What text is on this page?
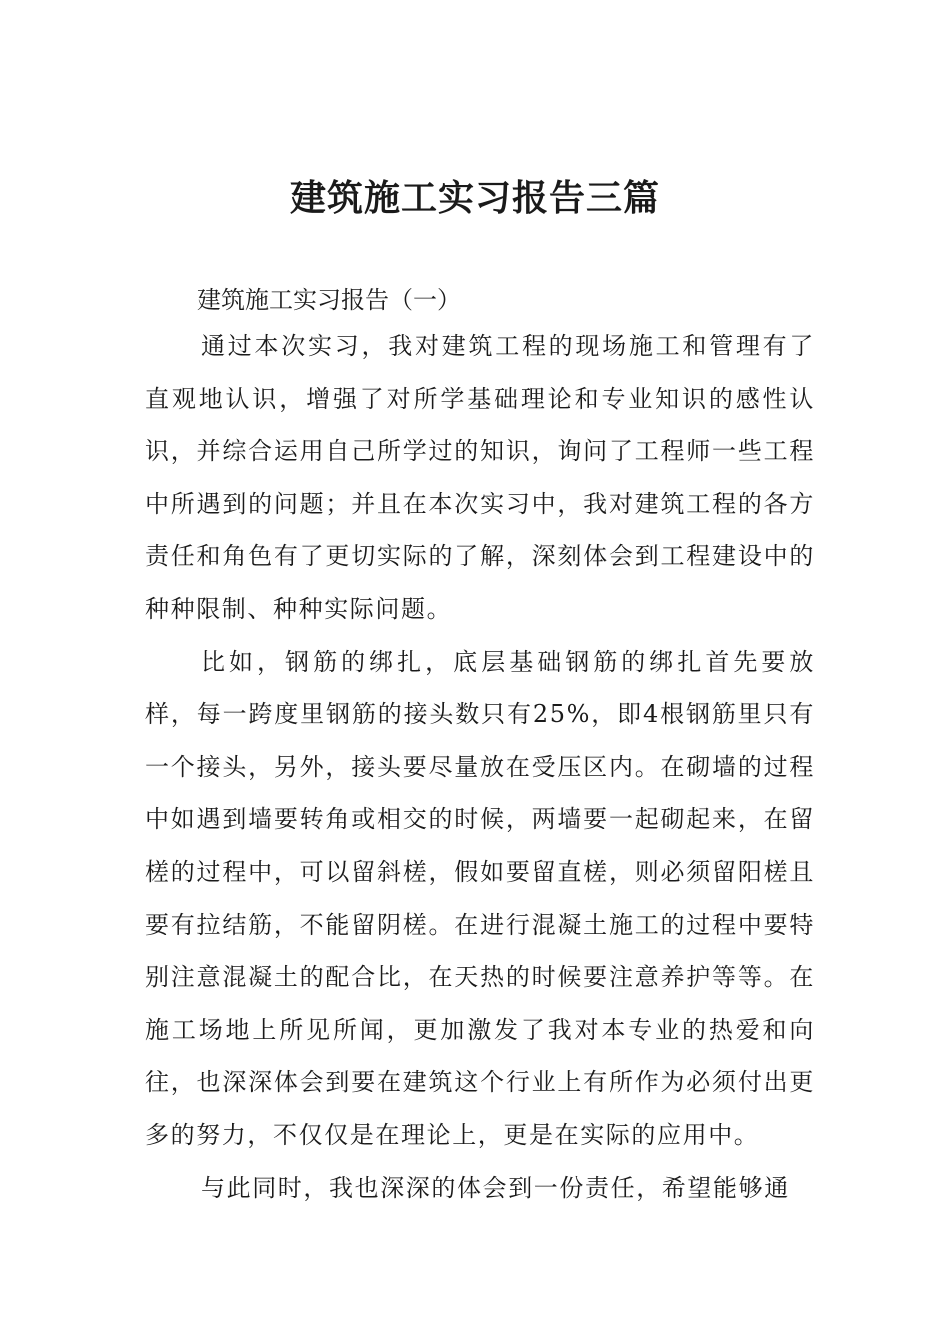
建筑施工实习报告三篇

建筑施工实习报告（一）

通过本次实习，我对建筑工程的现场施工和管理有了直观地认识，增强了对所学基础理论和专业知识的感性认识，并综合运用自己所学过的知识，询问了工程师一些工程中所遇到的问题；并且在本次实习中，我对建筑工程的各方责任和角色有了更切实际的了解，深刻体会到工程建设中的种种限制、种种实际问题。

比如，钢筋的绑扎，底层基础钢筋的绑扎首先要放样，每一跨度里钢筋的接头数只有25%，即4根钢筋里只有一个接头，另外，接头要尽量放在受压区内。在砌墙的过程中如遇到墙要转角或相交的时候，两墙要一起砌起来，在留槎的过程中，可以留斜槎，假如要留直槎，则必须留阳槎且要有拉结筋，不能留阴槎。在进行混凝土施工的过程中要特别注意混凝土的配合比，在天热的时候要注意养护等等。在施工场地上所见所闻，更加激发了我对本专业的热爱和向往，也深深体会到要在建筑这个行业上有所作为必须付出更多的努力，不仅仅是在理论上，更是在实际的应用中。

与此同时，我也深深的体会到一份责任，希望能够通
